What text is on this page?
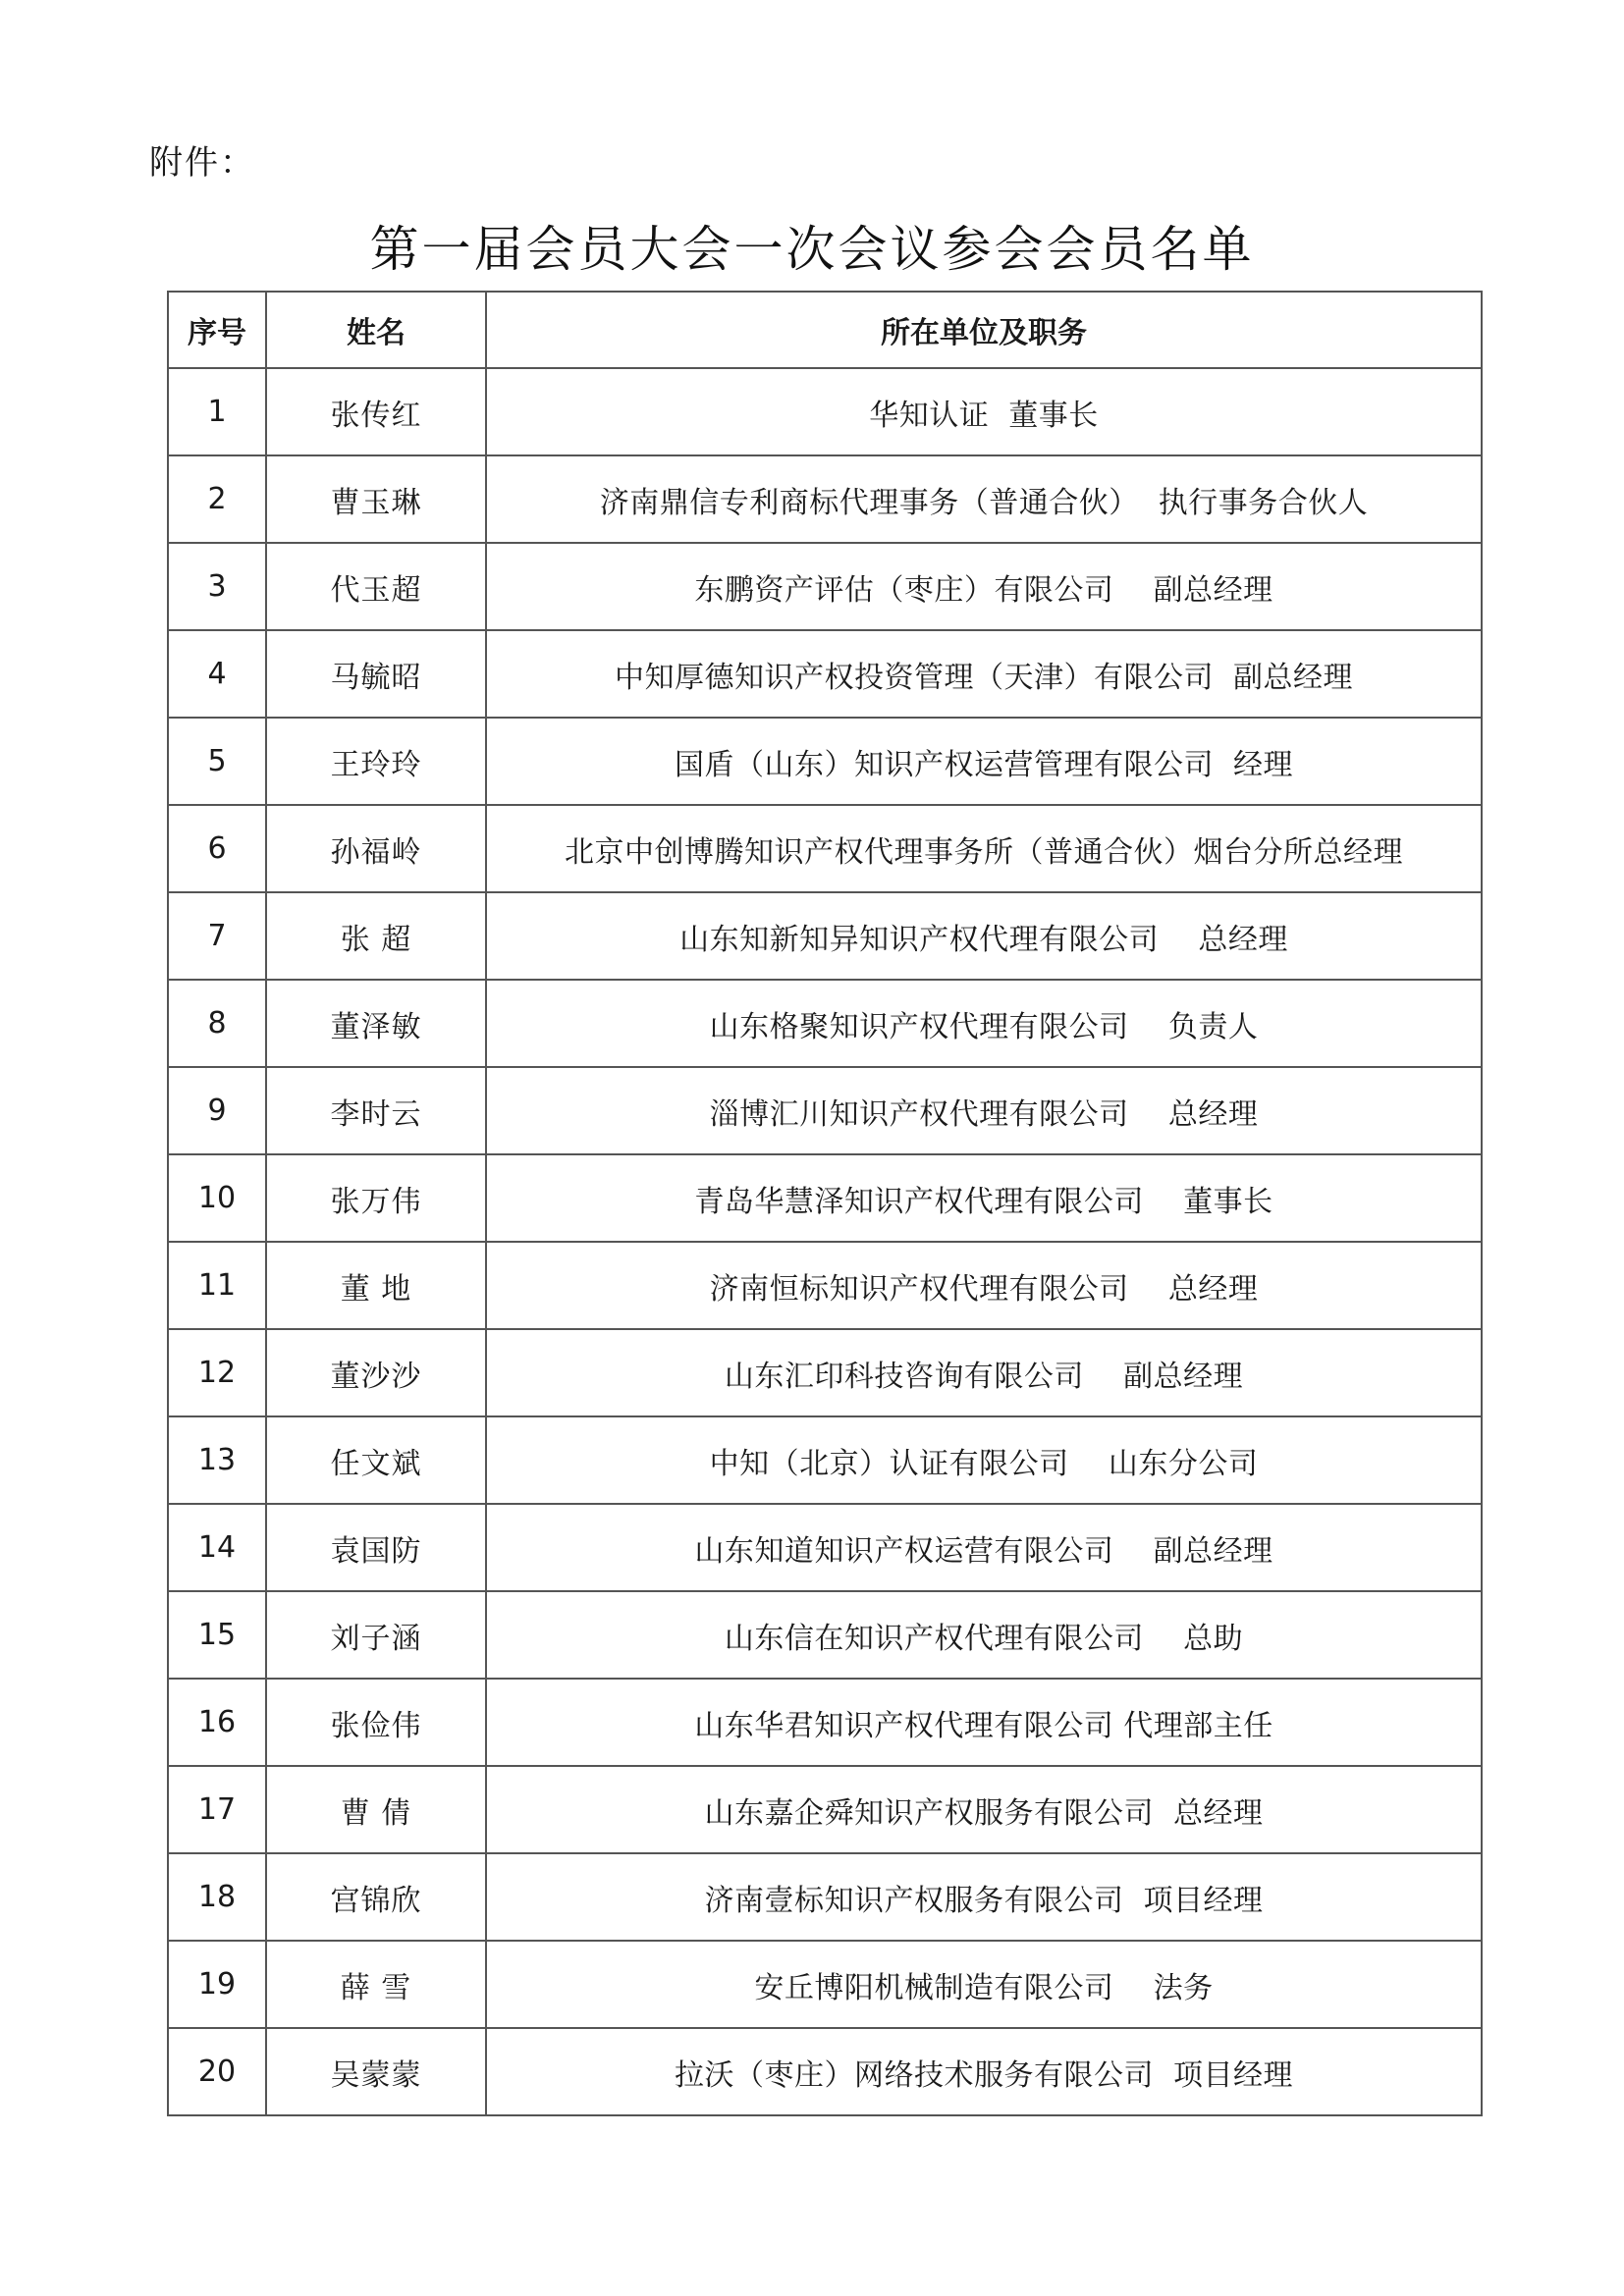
附件：
第一届会员大会一次会议参会会员名单
序号	姓名	所在单位及职务
1	张传红	华知认证  董事长
2	曹玉琳	济南鼎信专利商标代理事务（普通合伙）  执行事务合伙人
3	代玉超	东鹏资产评估（枣庄）有限公司    副总经理
4	马毓昭	中知厚德知识产权投资管理（天津）有限公司  副总经理
5	王玲玲	国盾（山东）知识产权运营管理有限公司  经理
6	孙福岭	北京中创博腾知识产权代理事务所（普通合伙）烟台分所总经理
7	张 超	山东知新知异知识产权代理有限公司    总经理
8	董泽敏	山东格聚知识产权代理有限公司    负责人
9	李时云	淄博汇川知识产权代理有限公司    总经理
10	张万伟	青岛华慧泽知识产权代理有限公司    董事长
11	董 地	济南恒标知识产权代理有限公司    总经理
12	董沙沙	山东汇印科技咨询有限公司    副总经理
13	任文斌	中知（北京）认证有限公司    山东分公司
14	袁国防	山东知道知识产权运营有限公司    副总经理
15	刘子涵	山东信在知识产权代理有限公司    总助
16	张俭伟	山东华君知识产权代理有限公司 代理部主任
17	曹 倩	山东嘉企舜知识产权服务有限公司  总经理
18	宫锦欣	济南壹标知识产权服务有限公司  项目经理
19	薛 雪	安丘博阳机械制造有限公司    法务
20	吴蒙蒙	拉沃（枣庄）网络技术服务有限公司  项目经理
